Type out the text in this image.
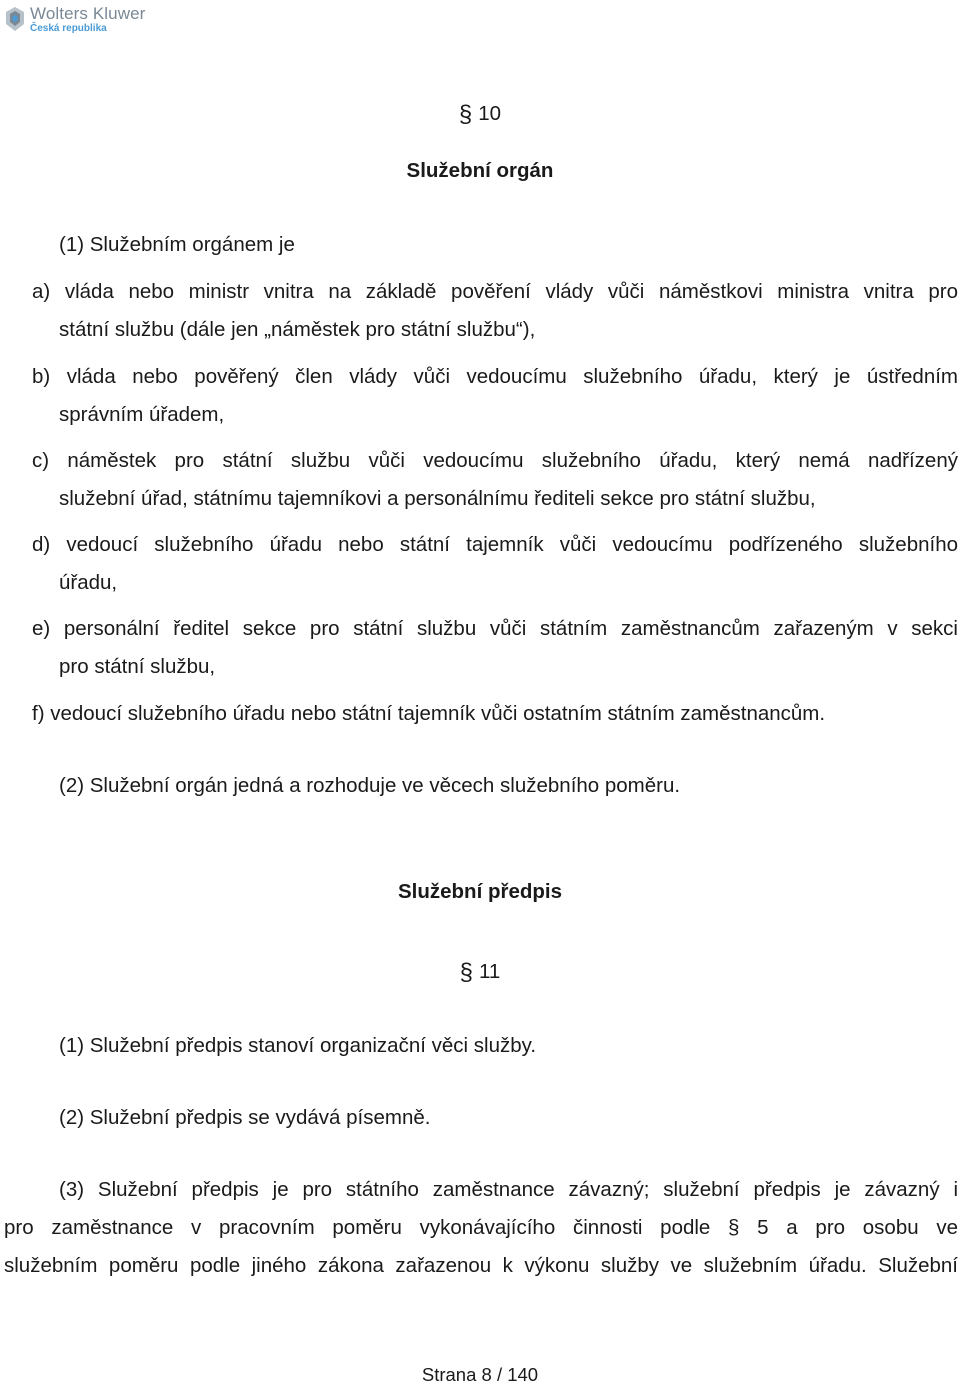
Wolters Kluwer
Česká republika
§ 10
Služební orgán
(1) Služebním orgánem je
a) vláda nebo ministr vnitra na základě pověření vlády vůči náměstkovi ministra vnitra pro
státní službu (dále jen „náměstek pro státní službu“),
b) vláda nebo pověřený člen vlády vůči vedoucímu služebního úřadu, který je ústředním
správním úřadem,
c) náměstek pro státní službu vůči vedoucímu služebního úřadu, který nemá nadřízený
služební úřad, státnímu tajemníkovi a personálnímu řediteli sekce pro státní službu,
d) vedoucí služebního úřadu nebo státní tajemník vůči vedoucímu podřízeného služebního
úřadu,
e) personální ředitel sekce pro státní službu vůči státním zaměstnancům zařazeným v sekci
pro státní službu,
f) vedoucí služebního úřadu nebo státní tajemník vůči ostatním státním zaměstnancům.
(2) Služební orgán jedná a rozhoduje ve věcech služebního poměru.
Služební předpis
§ 11
(1) Služební předpis stanoví organizační věci služby.
(2) Služební předpis se vydává písemně.
(3) Služební předpis je pro státního zaměstnance závazný; služební předpis je závazný i
pro zaměstnance v pracovním poměru vykonávajícího činnosti podle § 5 a pro osobu ve
služebním poměru podle jiného zákona zařazenou k výkonu služby ve služebním úřadu. Služební
Strana 8 / 140
